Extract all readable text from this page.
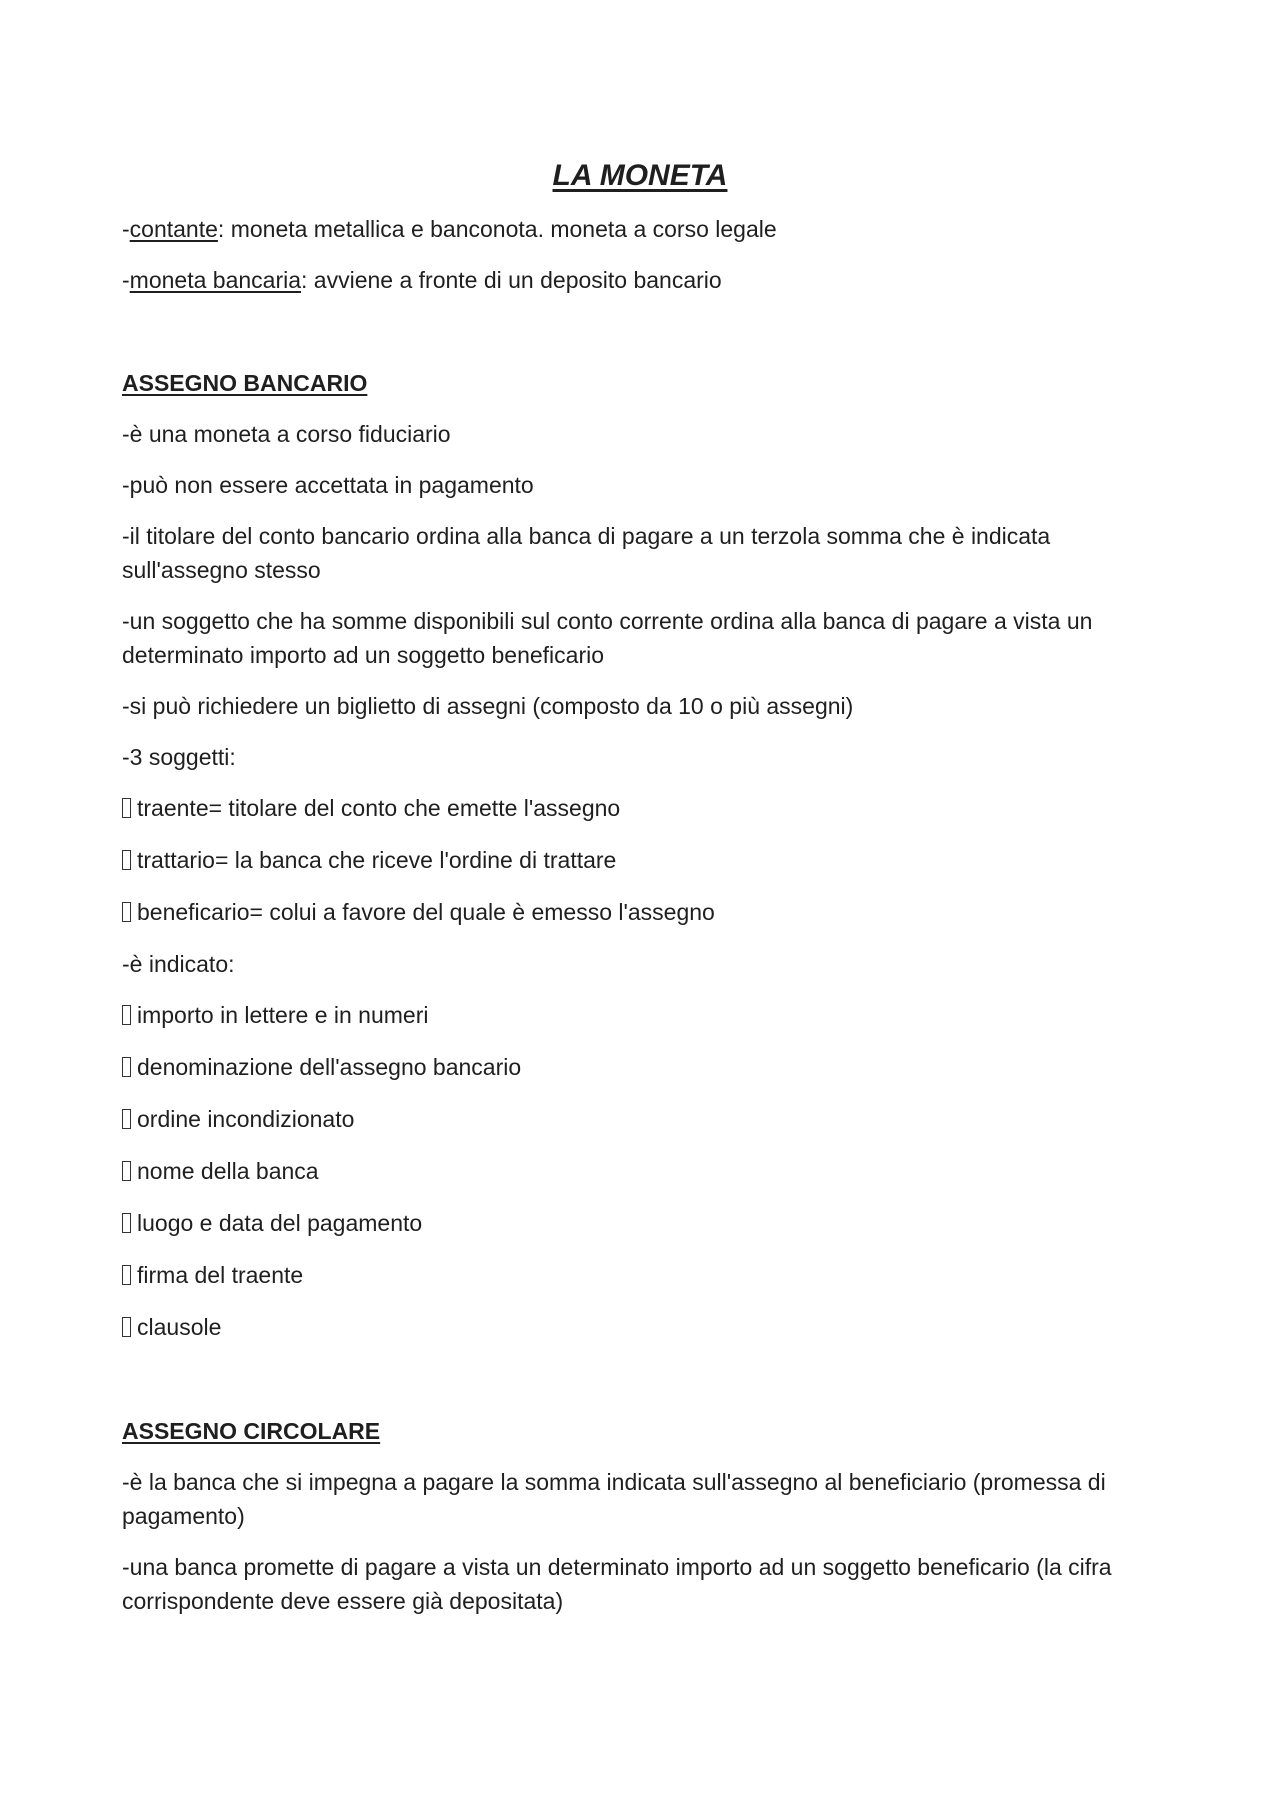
LA MONETA
-contante: moneta metallica e banconota. moneta a corso legale
-moneta bancaria: avviene a fronte di un deposito bancario
ASSEGNO BANCARIO
-è una moneta a corso fiduciario
-può non essere accettata in pagamento
-il titolare del conto bancario ordina alla banca di pagare a un terzola somma che è indicata sull'assegno stesso
-un soggetto che ha somme disponibili sul conto corrente ordina alla banca di pagare a vista un determinato importo ad un soggetto beneficario
-si può richiedere un biglietto di assegni (composto da 10 o più assegni)
-3 soggetti:
traente= titolare del conto che emette l'assegno
trattario= la banca che riceve l'ordine di trattare
beneficario= colui a favore del quale è emesso l'assegno
-è indicato:
importo in lettere e in numeri
denominazione dell'assegno bancario
ordine incondizionato
nome della banca
luogo e data del pagamento
firma del traente
clausole
ASSEGNO CIRCOLARE
-è la banca che si impegna a pagare la somma indicata sull'assegno al beneficiario (promessa di pagamento)
-una banca promette di pagare a vista un determinato importo ad un soggetto beneficario (la cifra corrispondente deve essere già depositata)
